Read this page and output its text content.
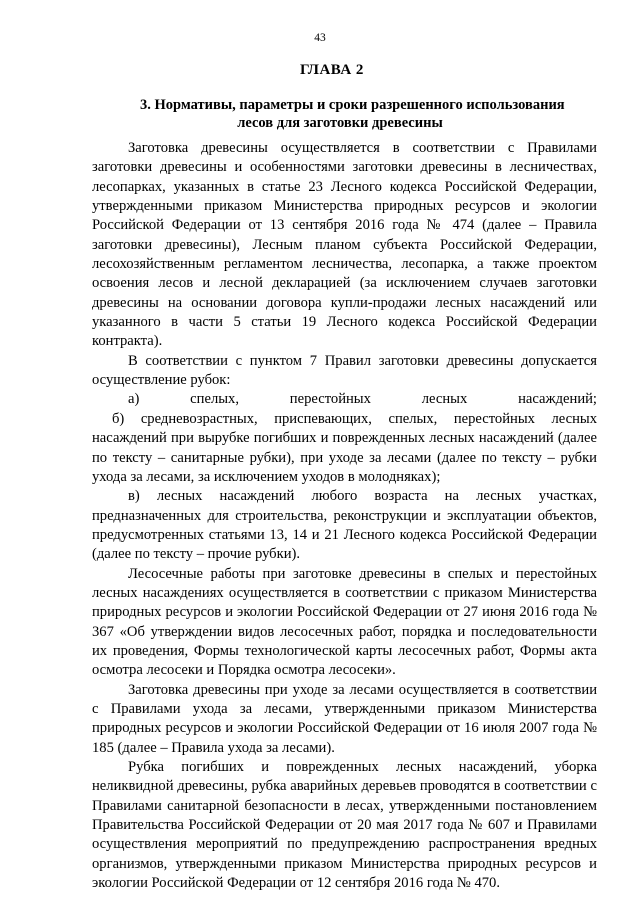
43
ГЛАВА 2
3. Нормативы, параметры и сроки разрешенного использования
лесов для заготовки древесины

Заготовка древесины осуществляется в соответствии с Правилами заготовки древесины и особенностями заготовки древесины в лесничествах, лесопарках, указанных в статье 23 Лесного кодекса Российской Федерации, утвержденными приказом Министерства природных ресурсов и экологии Российской Федерации от 13 сентября 2016 года № 474 (далее – Правила заготовки древесины), Лесным планом субъекта Российской Федерации, лесохозяйственным регламентом лесничества, лесопарка, а также проектом освоения лесов и лесной декларацией (за исключением случаев заготовки древесины на основании договора купли-продажи лесных насаждений или указанного в части 5 статьи 19 Лесного кодекса Российской Федерации контракта).

В соответствии с пунктом 7 Правил заготовки древесины допускается осуществление рубок:

а) спелых, перестойных лесных насаждений;

б) средневозрастных, приспевающих, спелых, перестойных лесных насаждений при вырубке погибших и поврежденных лесных насаждений (далее по тексту – санитарные рубки), при уходе за лесами (далее по тексту – рубки ухода за лесами, за исключением уходов в молодняках);

в) лесных насаждений любого возраста на лесных участках, предназначенных для строительства, реконструкции и эксплуатации объектов, предусмотренных статьями 13, 14 и 21 Лесного кодекса Российской Федерации (далее по тексту – прочие рубки).

Лесосечные работы при заготовке древесины в спелых и перестойных лесных насаждениях осуществляется в соответствии с приказом Министерства природных ресурсов и экологии Российской Федерации от 27 июня 2016 года № 367 «Об утверждении видов лесосечных работ, порядка и последовательности их проведения, Формы технологической карты лесосечных работ, Формы акта осмотра лесосеки и Порядка осмотра лесосеки».

Заготовка древесины при уходе за лесами осуществляется в соответствии с Правилами ухода за лесами, утвержденными приказом Министерства природных ресурсов и экологии Российской Федерации от 16 июля 2007 года № 185 (далее – Правила ухода за лесами).

Рубка погибших и поврежденных лесных насаждений, уборка неликвидной древесины, рубка аварийных деревьев проводятся в соответствии с Правилами санитарной безопасности в лесах, утвержденными постановлением Правительства Российской Федерации от 20 мая 2017 года № 607 и Правилами осуществления мероприятий по предупреждению распространения вредных организмов, утвержденными приказом Министерства природных ресурсов и экологии Российской Федерации от 12 сентября 2016 года № 470.
